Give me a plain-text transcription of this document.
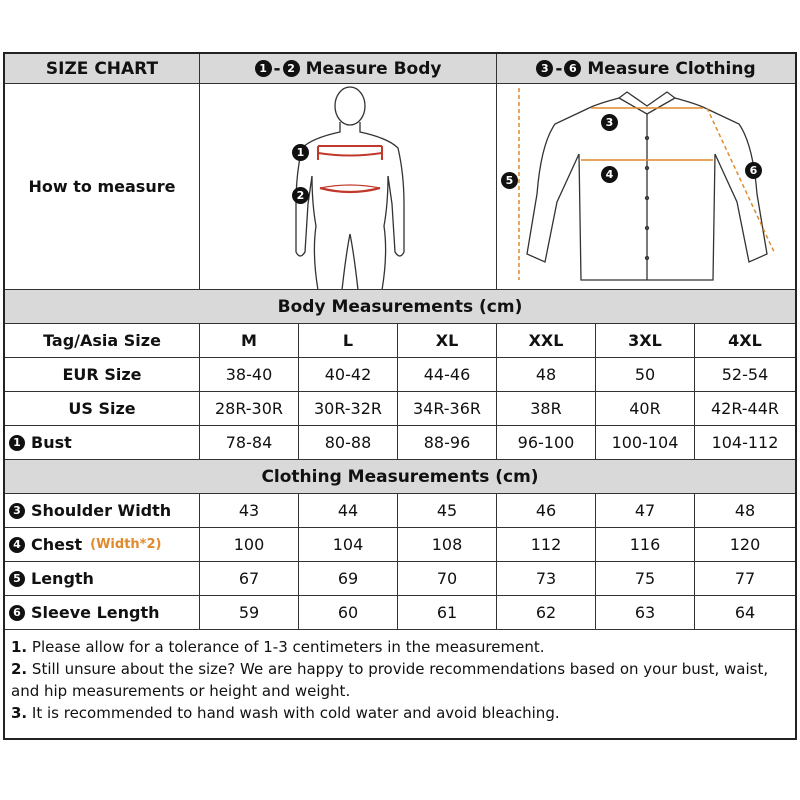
SIZE CHART	1 - 2 Measure Body	3 - 6 Measure Clothing
How to measure
1
2
3
4
5
6
Body Measurements (cm)
Tag/Asia Size	M	L	XL	XXL	3XL	4XL
EUR Size	38-40	40-42	44-46	48	50	52-54
US Size	28R-30R	30R-32R	34R-36R	38R	40R	42R-44R
1 Bust	78-84	80-88	88-96	96-100	100-104	104-112
Clothing Measurements (cm)
3 Shoulder Width	43	44	45	46	47	48
4 Chest (Width*2)	100	104	108	112	116	120
5 Length	67	69	70	73	75	77
6 Sleeve Length	59	60	61	62	63	64

1. Please allow for a tolerance of 1-3 centimeters in the measurement.

2. Still unsure about the size? We are happy to provide recommendations based on your bust, waist, and hip measurements or height and weight.

3. It is recommended to hand wash with cold water and avoid bleaching.
